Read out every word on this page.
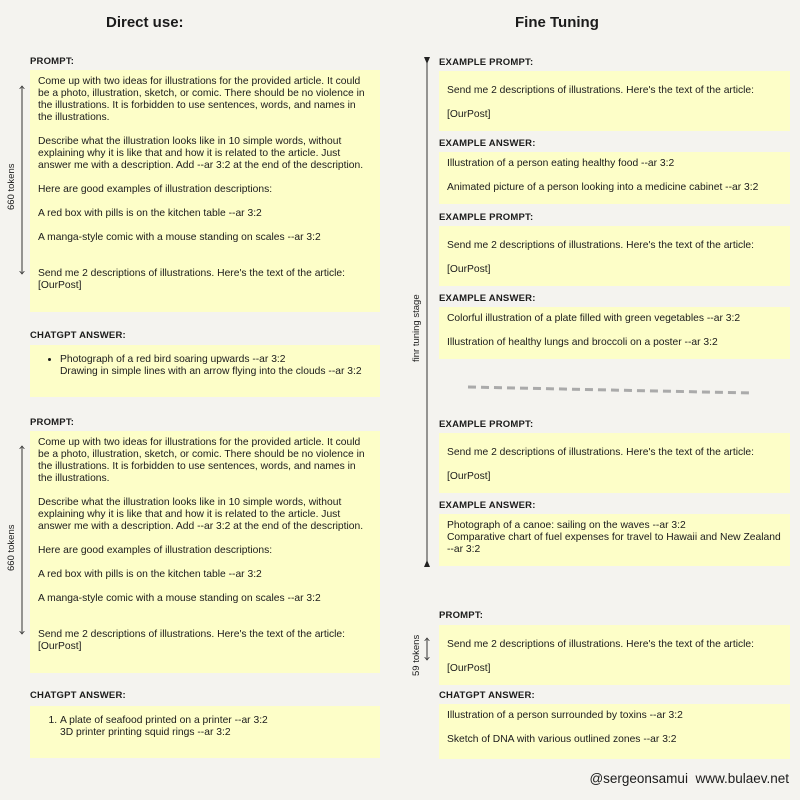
Direct use:	Fine Tuning
660 tokens
660 tokens
finr tuning stage
59 tokens
PROMPT:

Come up with two ideas for illustrations for the provided article. It could be a photo, illustration, sketch, or comic. There should be no violence in the illustrations. It is forbidden to use sentences, words, and names in the illustrations.

Describe what the illustration looks like in 10 simple words, without explaining why it is like that and how it is related to the article. Just answer me with a description. Add --ar 3:2 at the end of the description.

Here are good examples of illustration descriptions:

A red box with pills is on the kitchen table --ar 3:2

A manga-style comic with a mouse standing on scales --ar 3:2

Send me 2 descriptions of illustrations. Here's the text of the article:
[OurPost]

CHATGPT ANSWER:
• Photograph of a red bird soaring upwards --ar 3:2
Drawing in simple lines with an arrow flying into the clouds --ar 3:2
PROMPT:

Come up with two ideas for illustrations for the provided article. It could be a photo, illustration, sketch, or comic. There should be no violence in the illustrations. It is forbidden to use sentences, words, and names in the illustrations.

Describe what the illustration looks like in 10 simple words, without explaining why it is like that and how it is related to the article. Just answer me with a description. Add --ar 3:2 at the end of the description.

Here are good examples of illustration descriptions:

A red box with pills is on the kitchen table --ar 3:2

A manga-style comic with a mouse standing on scales --ar 3:2

Send me 2 descriptions of illustrations. Here's the text of the article:
[OurPost]

CHATGPT ANSWER:
1. A plate of seafood printed on a printer --ar 3:2
3D printer printing squid rings --ar 3:2
EXAMPLE PROMPT:

Send me 2 descriptions of illustrations. Here's the text of the article:

[OurPost]

EXAMPLE ANSWER:

Illustration of a person eating healthy food --ar 3:2

Animated picture of a person looking into a medicine cabinet --ar 3:2

EXAMPLE PROMPT:

Send me 2 descriptions of illustrations. Here's the text of the article:

[OurPost]

EXAMPLE ANSWER:

Colorful illustration of a plate filled with green vegetables --ar 3:2

Illustration of healthy lungs and broccoli on a poster --ar 3:2

EXAMPLE PROMPT:

Send me 2 descriptions of illustrations. Here's the text of the article:

[OurPost]

EXAMPLE ANSWER:

Photograph of a canoe: sailing on the waves --ar 3:2

Comparative chart of fuel expenses for travel to Hawaii and New Zealand --ar 3:2

PROMPT:

Send me 2 descriptions of illustrations. Here's the text of the article:

[OurPost]

CHATGPT ANSWER:

Illustration of a person surrounded by toxins --ar 3:2

Sketch of DNA with various outlined zones --ar 3:2

@sergeonsamui  www.bulaev.net
